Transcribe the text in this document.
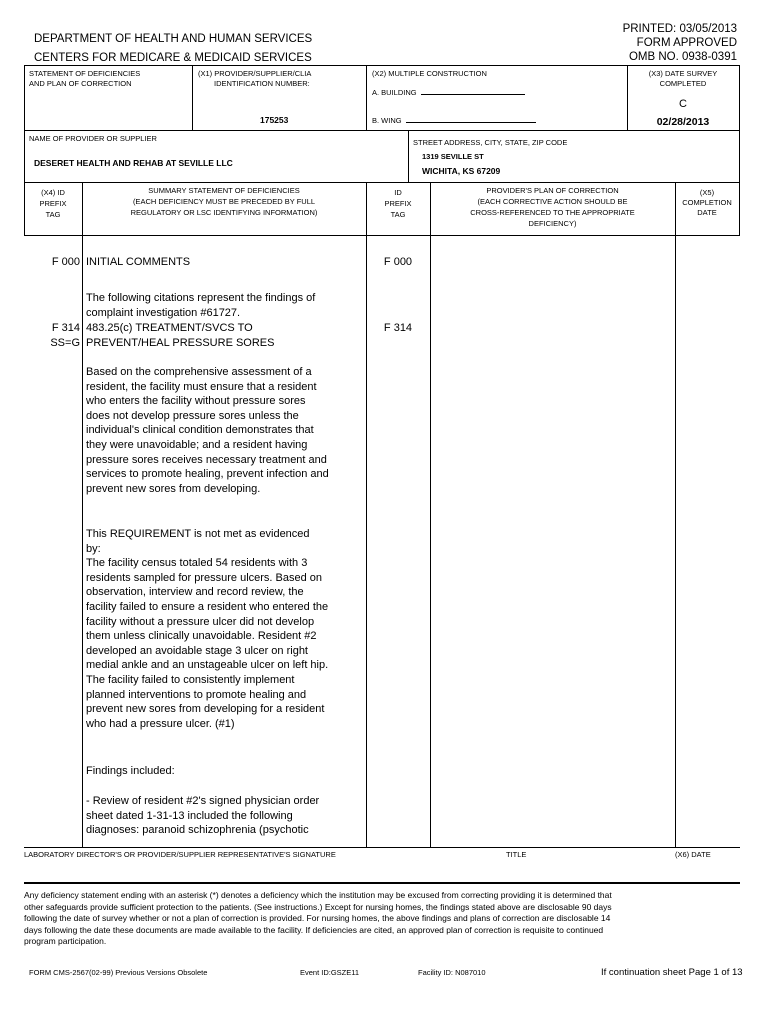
PRINTED: 03/05/2013
FORM APPROVED
OMB NO. 0938-0391
DEPARTMENT OF HEALTH AND HUMAN SERVICES
CENTERS FOR MEDICARE & MEDICAID SERVICES
STATEMENT OF DEFICIENCIES
AND PLAN OF CORRECTION
(X1) PROVIDER/SUPPLIER/CLIA
IDENTIFICATION NUMBER:
175253
(X2) MULTIPLE CONSTRUCTION
A. BUILDING
B. WING
(X3) DATE SURVEY
COMPLETED
C
02/28/2013
NAME OF PROVIDER OR SUPPLIER
DESERET HEALTH AND REHAB AT SEVILLE LLC
STREET ADDRESS, CITY, STATE, ZIP CODE
1319 SEVILLE ST
WICHITA, KS 67209
(X4) ID
PREFIX
TAG
SUMMARY STATEMENT OF DEFICIENCIES
(EACH DEFICIENCY MUST BE PRECEDED BY FULL
REGULATORY OR LSC IDENTIFYING INFORMATION)
ID
PREFIX
TAG
PROVIDER'S PLAN OF CORRECTION
(EACH CORRECTIVE ACTION SHOULD BE
CROSS-REFERENCED TO THE APPROPRIATE
DEFICIENCY)
(X5)
COMPLETION
DATE
F 000 INITIAL COMMENTS	F 000
The following citations represent the findings of
complaint investigation #61727.
F 314
SS=G
483.25(c) TREATMENT/SVCS TO
PREVENT/HEAL PRESSURE SORES
F 314
Based on the comprehensive assessment of a
resident, the facility must ensure that a resident
who enters the facility without pressure sores
does not develop pressure sores unless the
individual's clinical condition demonstrates that
they were unavoidable; and a resident having
pressure sores receives necessary treatment and
services to promote healing, prevent infection and
prevent new sores from developing.
This REQUIREMENT is not met as evidenced
by:
The facility census totaled 54 residents with 3
residents sampled for pressure ulcers. Based on
observation, interview and record review, the
facility failed to ensure a resident who entered the
facility without a pressure ulcer did not develop
them unless clinically unavoidable. Resident #2
developed an avoidable stage 3 ulcer on right
medial ankle and an unstageable ulcer on left hip.
The facility failed to consistently implement
planned interventions to promote healing and
prevent new sores from developing for a resident
who had a pressure ulcer. (#1)
Findings included:
- Review of resident #2's signed physician order
sheet dated 1-31-13 included the following
diagnoses: paranoid schizophrenia (psychotic
LABORATORY DIRECTOR'S OR PROVIDER/SUPPLIER REPRESENTATIVE'S SIGNATURE	TITLE	(X6) DATE
Any deficiency statement ending with an asterisk (*) denotes a deficiency which the institution may be excused from correcting providing it is determined that
other safeguards provide sufficient protection to the patients. (See instructions.) Except for nursing homes, the findings stated above are disclosable 90 days
following the date of survey whether or not a plan of correction is provided. For nursing homes, the above findings and plans of correction are disclosable 14
days following the date these documents are made available to the facility. If deficiencies are cited, an approved plan of correction is requisite to continued
program participation.
FORM CMS-2567(02-99) Previous Versions Obsolete	Event ID:GSZE11	Facility ID: N087010	If continuation sheet Page 1 of 13
